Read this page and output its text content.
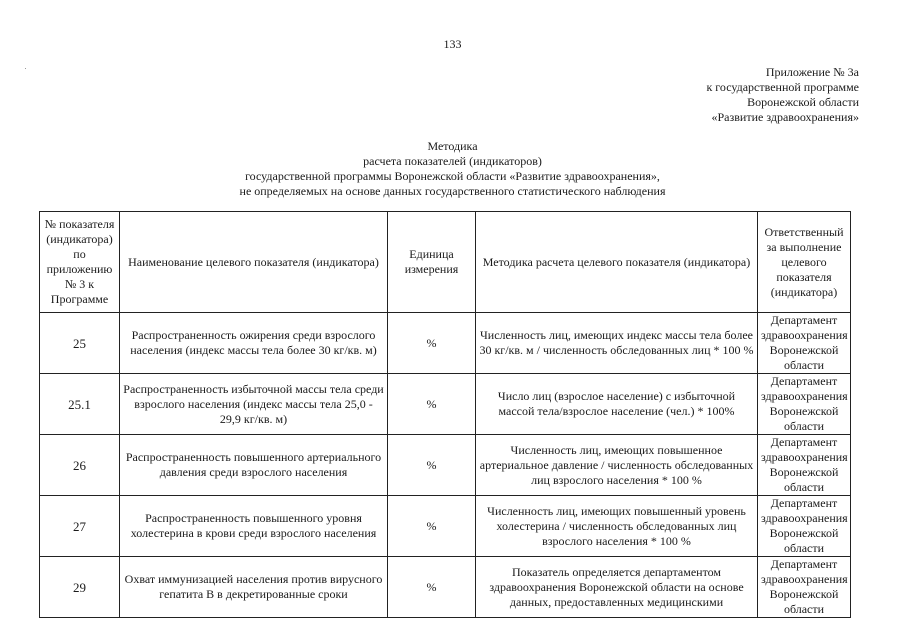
133
Приложение № 3а
к государственной программе
Воронежской области
«Развитие здравоохранения»
Методика
расчета показателей (индикаторов)
государственной программы Воронежской области «Развитие здравоохранения»,
не определяемых на основе данных государственного статистического наблюдения
№ показателя (индикатора) по приложению № 3 к Программе	Наименование целевого показателя (индикатора)	Единица измерения	Методика расчета целевого показателя (индикатора)	Ответственный за выполнение целевого показателя (индикатора)
25	Распространенность ожирения среди взрослого населения (индекс массы тела более 30 кг/кв. м)	%	Численность лиц, имеющих индекс массы тела более 30 кг/кв. м / численность обследованных лиц * 100 %	Департамент здравоохранения Воронежской области
25.1	Распространенность избыточной массы тела среди взрослого населения (индекс массы тела 25,0 - 29,9 кг/кв. м)	%	Число лиц (взрослое население) с избыточной массой тела/взрослое население (чел.) * 100%	Департамент здравоохранения Воронежской области
26	Распространенность повышенного артериального давления среди взрослого населения	%	Численность лиц, имеющих повышенное артериальное давление / численность обследованных лиц взрослого населения * 100 %	Департамент здравоохранения Воронежской области
27	Распространенность повышенного уровня холестерина в крови среди взрослого населения	%	Численность лиц, имеющих повышенный уровень холестерина / численность обследованных лиц взрослого населения * 100 %	Департамент здравоохранения Воронежской области
29	Охват иммунизацией населения против вирусного гепатита В в декретированные сроки	%	Показатель определяется департаментом здравоохранения Воронежской области на основе данных, предоставленных медицинскими	Департамент здравоохранения Воронежской области
